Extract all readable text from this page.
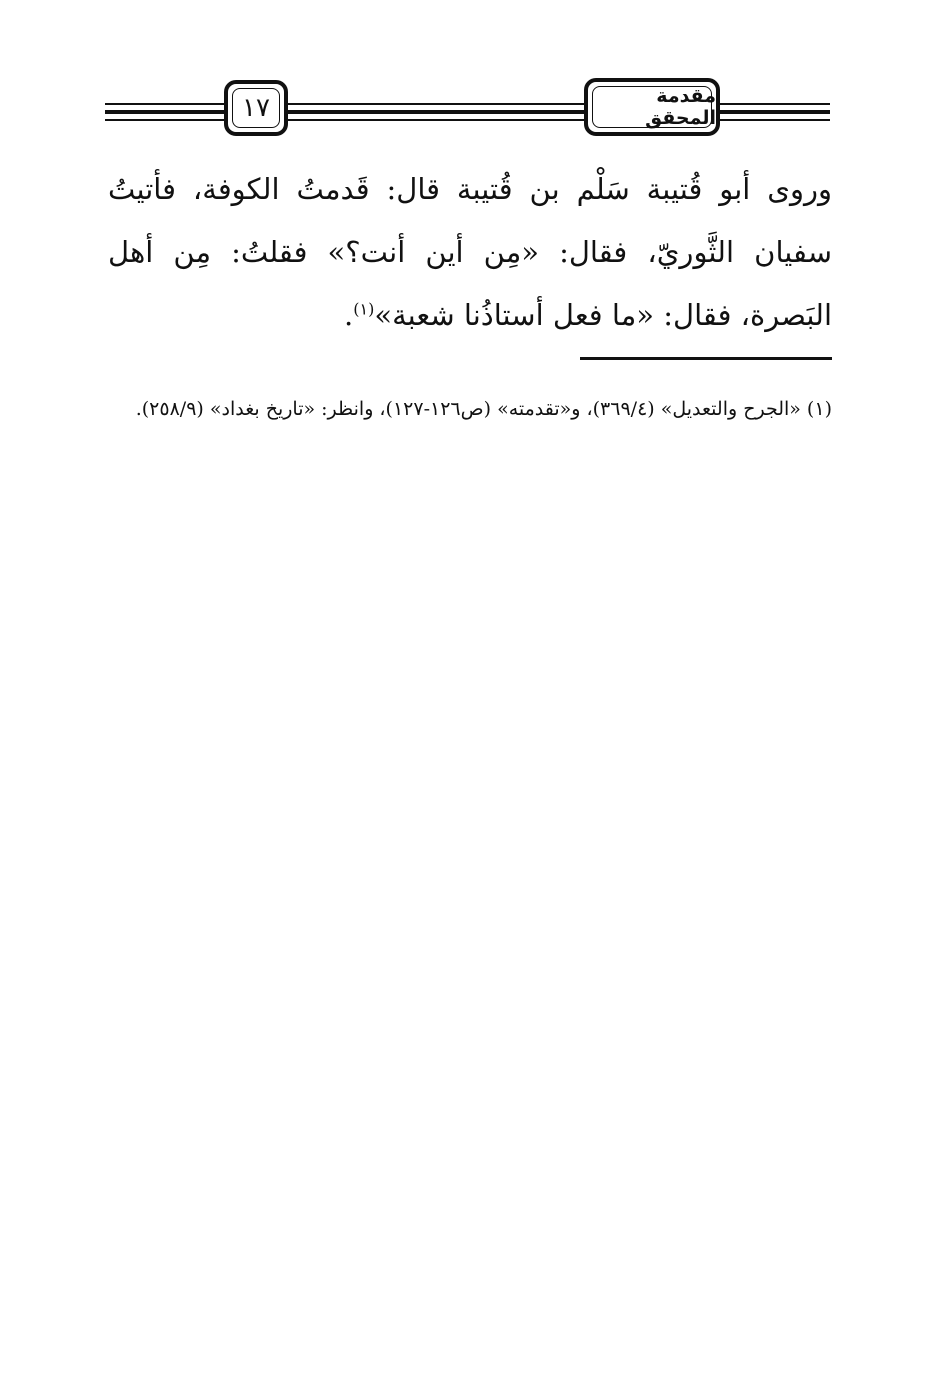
مقدمة المحقق
١٧
وروى أبو قُتيبة سَلْم بن قُتيبة قال: قَدمتُ الكوفة، فأتيتُ سفيان الثَّوريّ، فقال: «مِن أين أنت؟» فقلتُ: مِن أهل البَصرة، فقال: «ما فعل أستاذُنا شعبة»$^{(١)}$.
(١) «الجرح والتعديل» (٣٦٩/٤)، و«تقدمته» (ص١٢٦-١٢٧)، وانظر: «تاريخ بغداد» (٢٥٨/٩).
